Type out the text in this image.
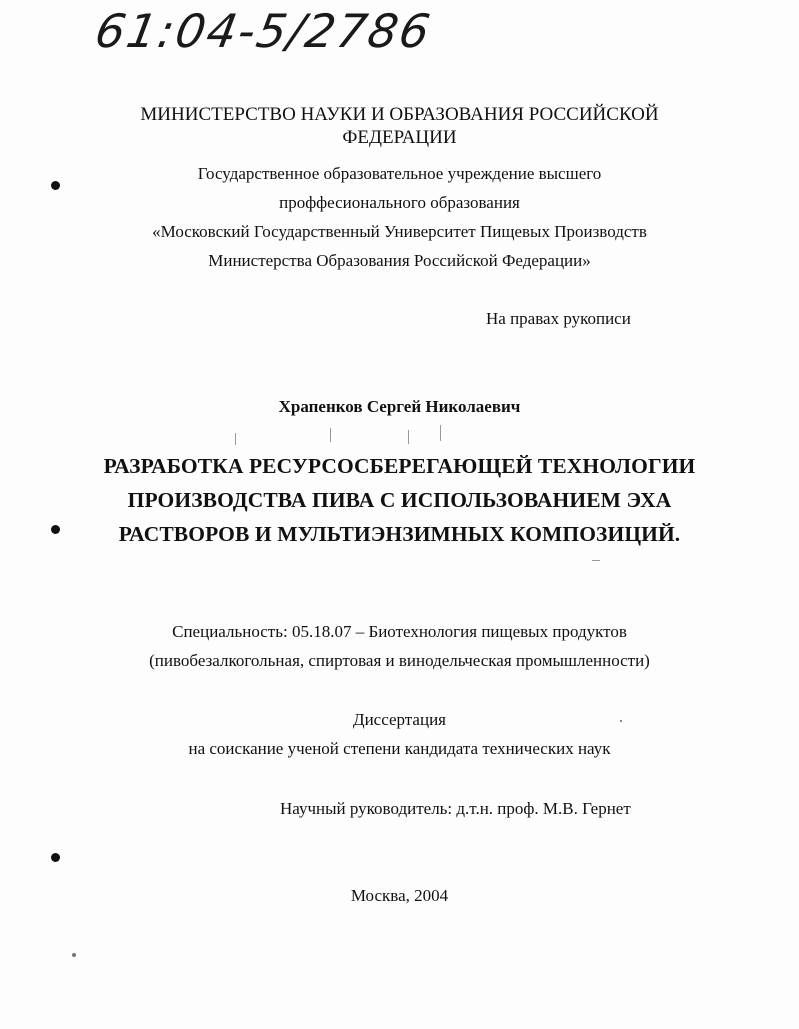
61:04-5/2786
МИНИСТЕРСТВО НАУКИ И ОБРАЗОВАНИЯ РОССИЙСКОЙ
ФЕДЕРАЦИИ
Государственное образовательное учреждение высшего
проффесионального образования
«Московский Государственный Университет Пищевых Производств
Министерства Образования Российской Федерации»
На правах рукописи
Храпенков Сергей Николаевич
РАЗРАБОТКА РЕСУРСОСБЕРЕГАЮЩЕЙ ТЕХНОЛОГИИ
ПРОИЗВОДСТВА ПИВА С ИСПОЛЬЗОВАНИЕМ ЭХА
РАСТВОРОВ И МУЛЬТИЭНЗИМНЫХ КОМПОЗИЦИЙ.
Специальность: 05.18.07 – Биотехнология пищевых продуктов
(пивобезалкогольная, спиртовая и винодельческая промышленности)
Диссертация
на соискание ученой степени кандидата технических наук
Научный руководитель: д.т.н. проф. М.В. Гернет
Москва, 2004
